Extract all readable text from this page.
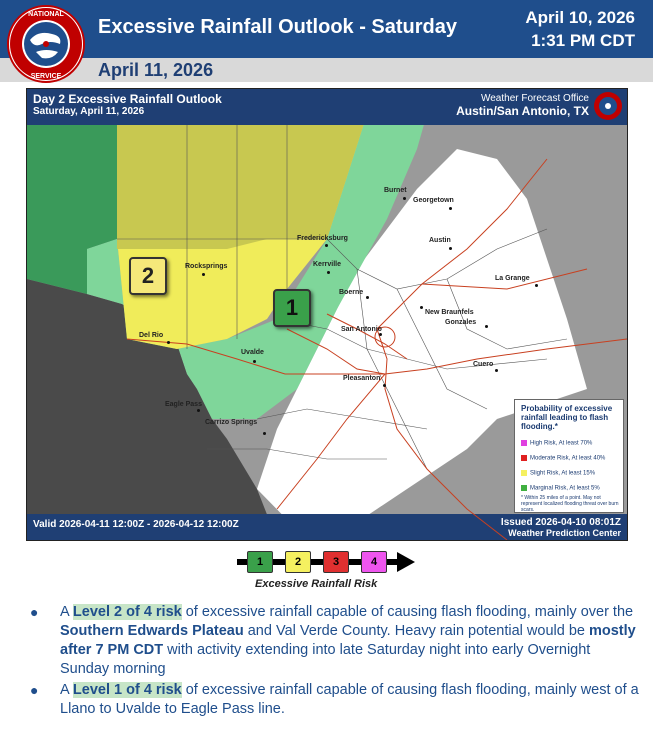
Excessive Rainfall Outlook - Saturday	April 10, 2026
1:31 PM CDT
April 11, 2026
NATIONAL
SERVICE
Day 2 Excessive Rainfall Outlook
Saturday, April 11, 2026
Weather Forecast Office
Austin/San Antonio, TX
Burnet
Georgetown
Fredericksburg	Austin
Rocksprings	Kerrville
La Grange
Boerne
New Braunfels
Gonzales
San Antonio
Del Rio
Uvalde
Cuero
Pleasanton
Eagle Pass
Carrizo Springs
2
1
Probability of excessive rainfall leading to flash flooding.*
High Risk, At least 70%
Moderate Risk, At least 40%
Slight Risk, At least 15%
Marginal Risk, At least 5%
* Within 25 miles of a point. May not represent localized flooding threat over burn scars.
Valid 2026-04-11 12:00Z - 2026-04-12 12:00Z	Issued 2026-04-10 08:01Z
Weather Prediction Center
1	2	3	4
Excessive Rainfall Risk
● A Level 2 of 4 risk of excessive rainfall capable of causing flash flooding, mainly over the Southern Edwards Plateau and Val Verde County. Heavy rain potential would be mostly after 7 PM CDT with activity extending into late Saturday night into early Overnight Sunday morning
● A Level 1 of 4 risk of excessive rainfall capable of causing flash flooding, mainly west of a Llano to Uvalde to Eagle Pass line.
